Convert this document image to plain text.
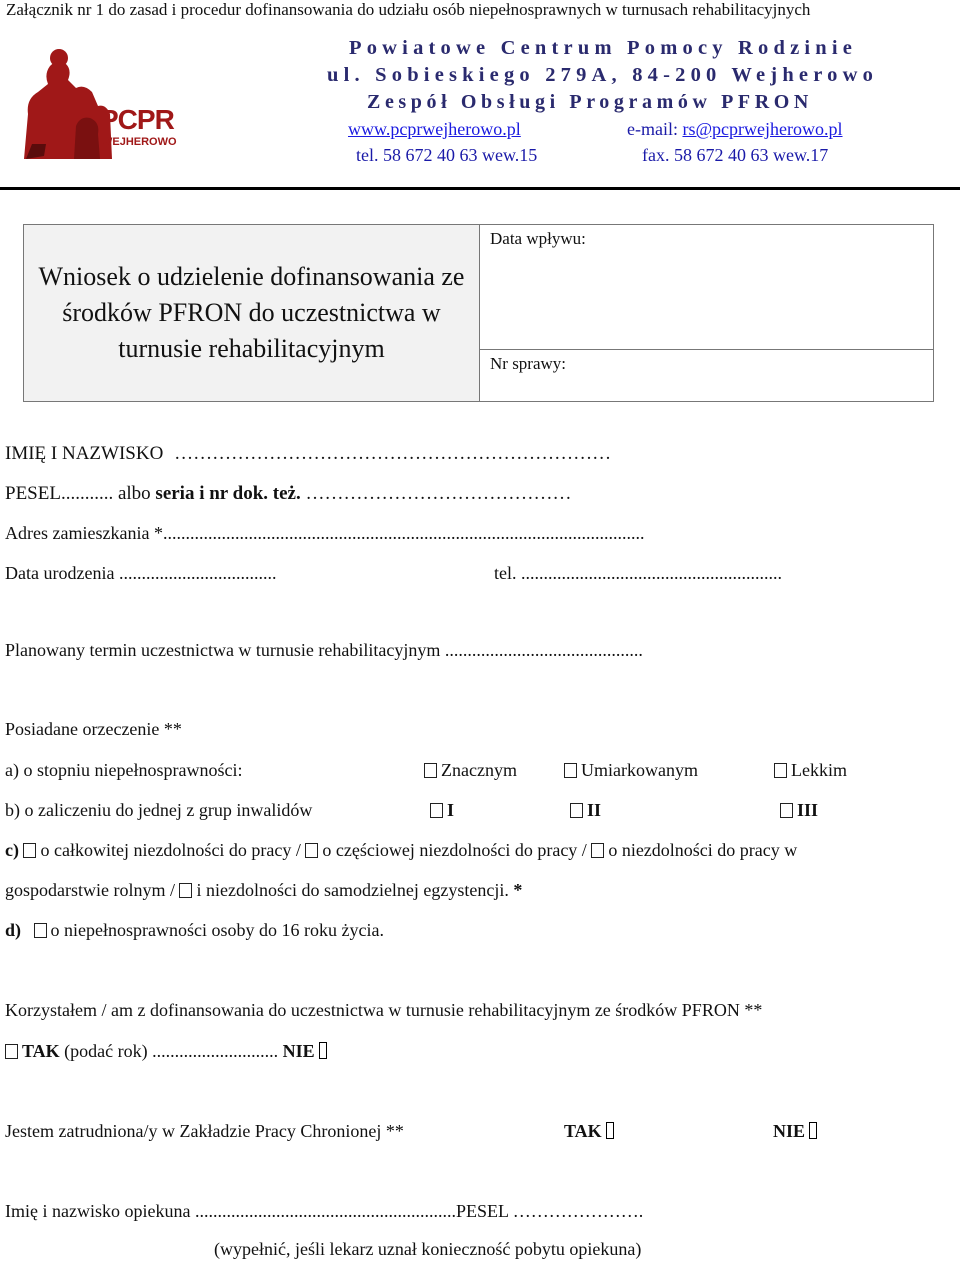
Załącznik nr 1 do zasad i procedur dofinansowania do udziału osób niepełnosprawnych w turnusach rehabilitacyjnych
PCPR
WEJHEROWO
Powiatowe Centrum Pomocy Rodzinie
ul. Sobieskiego 279A, 84-200 Wejherowo
Zespół Obsługi Programów PFRON
www.pcprwejherowo.pl	e-mail: rs@pcprwejherowo.pl
tel. 58 672 40 63 wew.15	fax. 58 672 40 63 wew.17
Wniosek o udzielenie dofinansowania ze środków PFRON do uczestnictwa w turnusie rehabilitacyjnym
Data wpływu:
Nr sprawy:
IMIĘ I NAZWISKO ……………………………………………………………
PESEL........... albo seria i nr dok. też. ……………………………………
Adres zamieszkania *...........................................................................................................
Data urodzenia ...................................	tel. ..........................................................
Planowany termin uczestnictwa w turnusie rehabilitacyjnym ............................................
Posiadane orzeczenie **
a) o stopniu niepełnosprawności:	Znacznym	Umiarkowanym	Lekkim
b) o zaliczeniu do jednej z grup inwalidów	I	II	III
c) o całkowitej niezdolności do pracy / o częściowej niezdolności do pracy / o niezdolności do pracy w
gospodarstwie rolnym / i niezdolności do samodzielnej egzystencji. *
d) o niepełnosprawności osoby do 16 roku życia.
Korzystałem / am z dofinansowania do uczestnictwa w turnusie rehabilitacyjnym ze środków PFRON **
TAK (podać rok) ............................ NIE
Jestem zatrudniona/y w Zakładzie Pracy Chronionej **	TAK	NIE
Imię i nazwisko opiekuna ..........................................................PESEL ………………….
(wypełnić, jeśli lekarz uznał konieczność pobytu opiekuna)
